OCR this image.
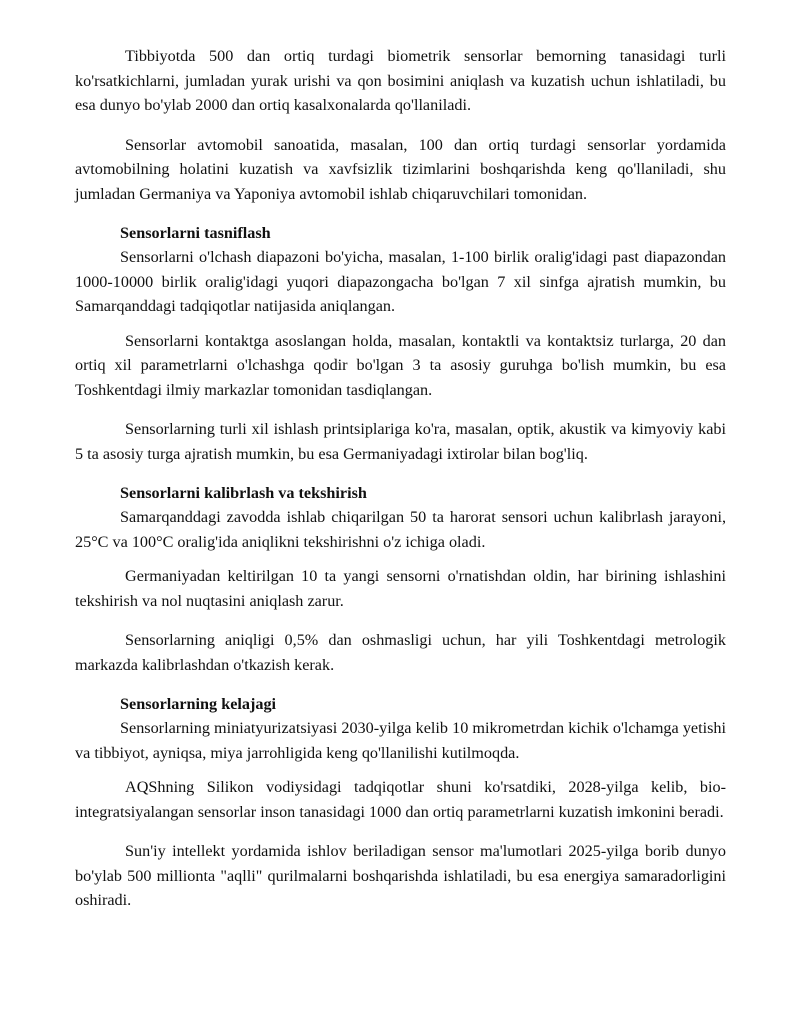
Tibbiyotda 500 dan ortiq turdagi biometrik sensorlar bemorning tanasidagi turli ko'rsatkichlarni, jumladan yurak urishi va qon bosimini aniqlash va kuzatish uchun ishlatiladi, bu esa dunyo bo'ylab 2000 dan ortiq kasalxonalarda qo'llaniladi.

Sensorlar avtomobil sanoatida, masalan, 100 dan ortiq turdagi sensorlar yordamida avtomobilning holatini kuzatish va xavfsizlik tizimlarini boshqarishda keng qo'llaniladi, shu jumladan Germaniya va Yaponiya avtomobil ishlab chiqaruvchilari tomonidan.

Sensorlarni tasniflash

Sensorlarni o'lchash diapazoni bo'yicha, masalan, 1-100 birlik oralig'idagi past diapazondan 1000-10000 birlik oralig'idagi yuqori diapazongacha bo'lgan 7 xil sinfga ajratish mumkin, bu Samarqanddagi tadqiqotlar natijasida aniqlangan.

Sensorlarni kontaktga asoslangan holda, masalan, kontaktli va kontaktsiz turlarga, 20 dan ortiq xil parametrlarni o'lchashga qodir bo'lgan 3 ta asosiy guruhga bo'lish mumkin, bu esa Toshkentdagi ilmiy markazlar tomonidan tasdiqlangan.

Sensorlarning turli xil ishlash printsiplariga ko'ra, masalan, optik, akustik va kimyoviy kabi 5 ta asosiy turga ajratish mumkin, bu esa Germaniyadagi ixtirolar bilan bog'liq.

Sensorlarni kalibrlash va tekshirish

Samarqanddagi zavodda ishlab chiqarilgan 50 ta harorat sensori uchun kalibrlash jarayoni, 25°C va 100°C oralig'ida aniqlikni tekshirishni o'z ichiga oladi.

Germaniyadan keltirilgan 10 ta yangi sensorni o'rnatishdan oldin, har birining ishlashini tekshirish va nol nuqtasini aniqlash zarur.

Sensorlarning aniqligi 0,5% dan oshmasligi uchun, har yili Toshkentdagi metrologik markazda kalibrlashdan o'tkazish kerak.

Sensorlarning kelajagi

Sensorlarning miniatyurizatsiyasi 2030-yilga kelib 10 mikrometrdan kichik o'lchamga yetishi va tibbiyot, ayniqsa, miya jarrohligida keng qo'llanilishi kutilmoqda.

AQShning Silikon vodiysidagi tadqiqotlar shuni ko'rsatdiki, 2028-yilga kelib, bio-integratsiyalangan sensorlar inson tanasidagi 1000 dan ortiq parametrlarni kuzatish imkonini beradi.

Sun'iy intellekt yordamida ishlov beriladigan sensor ma'lumotlari 2025-yilga borib dunyo bo'ylab 500 millionta "aqlli" qurilmalarni boshqarishda ishlatiladi, bu esa energiya samaradorligini oshiradi.
